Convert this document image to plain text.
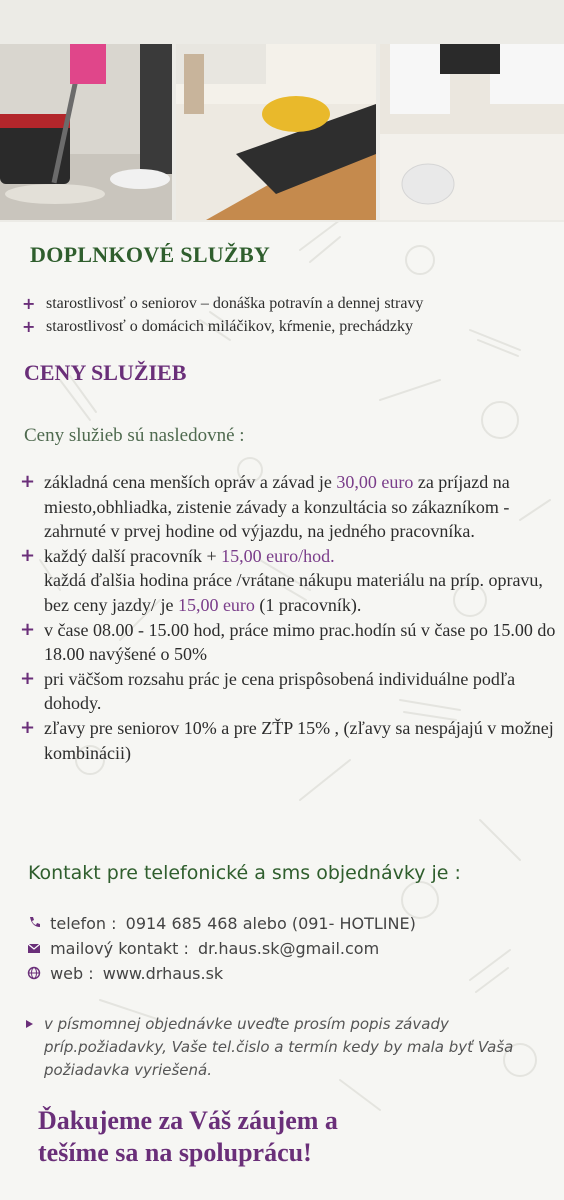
DOPLNKOVÉ SLUŽBY
+ starostlivosť o seniorov – donáška potravín a dennej stravy
+ starostlivosť o domácich miláčikov, kŕmenie, prechádzky
CENY SLUŽIEB

Ceny služieb sú nasledovné :

+ základná cena menších opráv a závad je 30,00 euro za príjazd na miesto,obhliadka, zistenie závady a konzultácia so zákazníkom - zahrnuté v prvej hodine od výjazdu, na jedného pracovníka.
+ každý další pracovník + 15,00 euro/hod.
každá ďalšia hodina práce /vrátane nákupu materiálu na príp. opravu, bez ceny jazdy/ je 15,00 euro (1 pracovník).
+ v čase 08.00 - 15.00 hod, práce mimo prac.hodín sú v čase po 15.00 do 18.00 navýšené o 50%
+ pri väčšom rozsahu prác je cena prispôsobená individuálne podľa dohody.
+ zľavy pre seniorov 10% a pre ZŤP 15% , (zľavy sa nespájajú v možnej kombinácii)

Kontakt pre telefonické a sms objednávky je :

telefon : 0914 685 468 alebo (091- HOTLINE)
mailový kontakt : dr.haus.sk@gmail.com
web : www.drhaus.sk

v písmomnej objednávke uveďte prosím popis závady príp.požiadavky, Vaše tel.čislo a termín kedy by mala byť Vaša požiadavka vyriešená.

Ďakujeme za Váš záujem a
tešíme sa na spoluprácu!
